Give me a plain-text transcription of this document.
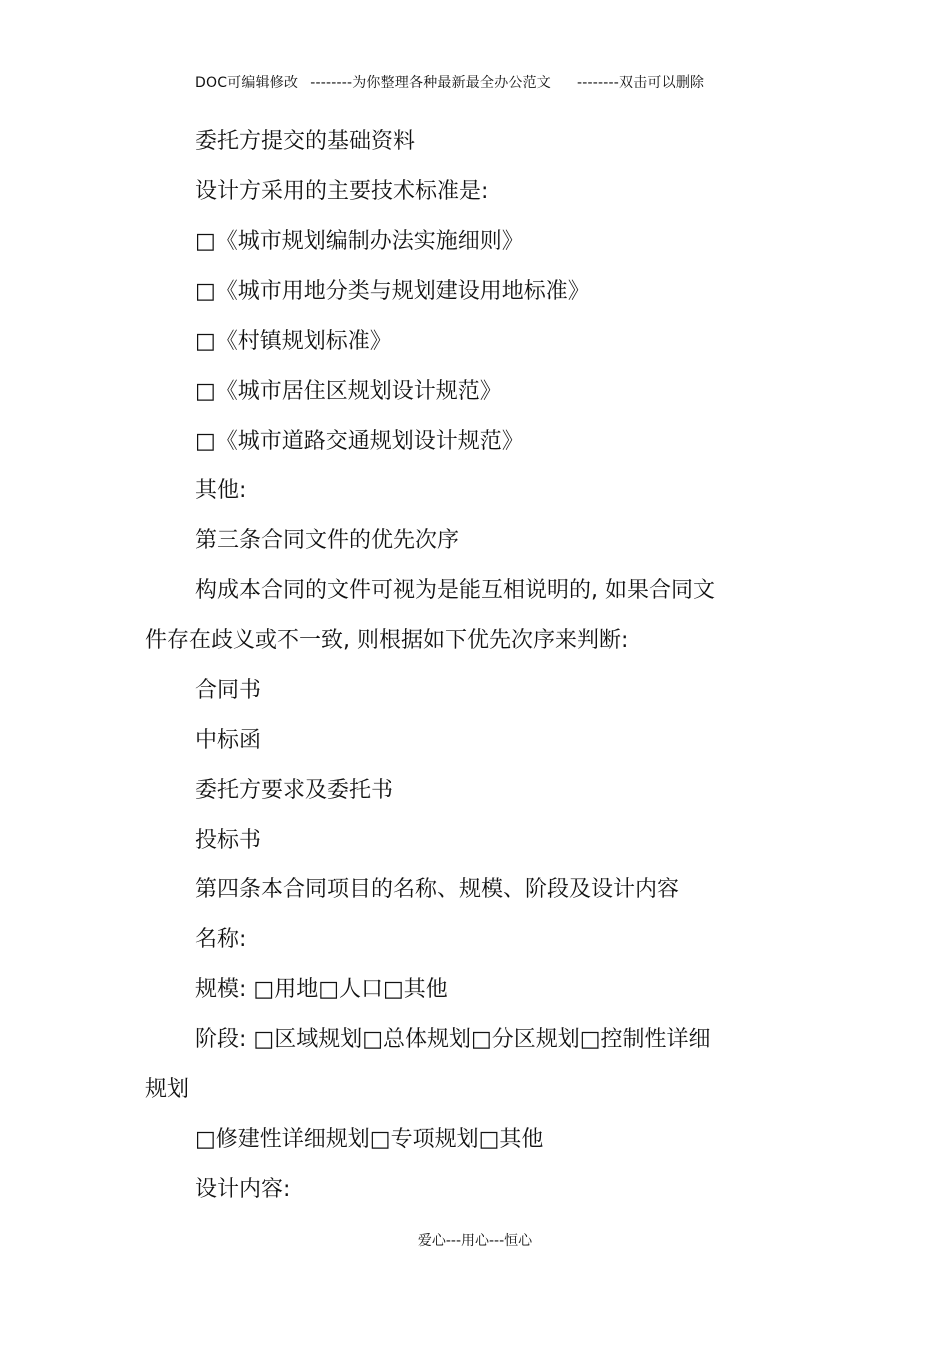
DOC可编辑修改 --------为你整理各种最新最全办公范文 --------双击可以删除
委托方提交的基础资料
设计方采用的主要技术标准是:
□《城市规划编制办法实施细则》
□《城市用地分类与规划建设用地标准》
□《村镇规划标准》
□《城市居住区规划设计规范》
□《城市道路交通规划设计规范》
其他:
第三条合同文件的优先次序
构成本合同的文件可视为是能互相说明的, 如果合同文
件存在歧义或不一致, 则根据如下优先次序来判断:
合同书
中标函
委托方要求及委托书
投标书
第四条本合同项目的名称、规模、阶段及设计内容
名称:
规模: □用地□人口□其他
阶段: □区域规划□总体规划□分区规划□控制性详细
规划
□修建性详细规划□专项规划□其他
设计内容:
爱心---用心---恒心
